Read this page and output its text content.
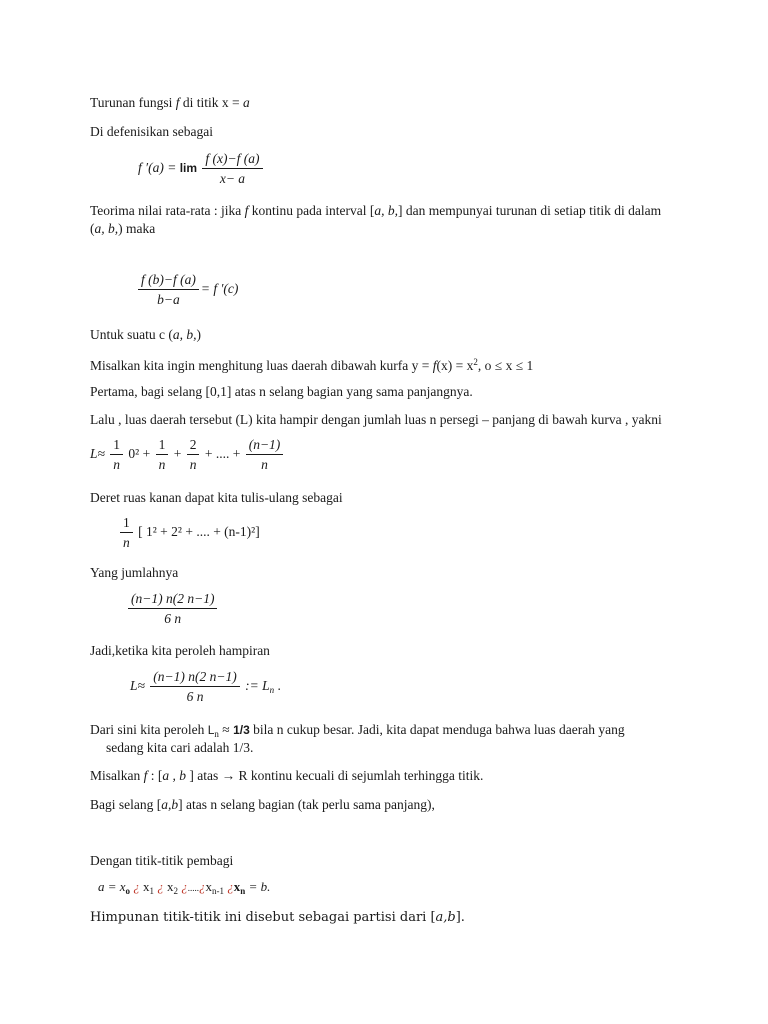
Turunan fungsi f di titik x = a
Di defenisikan sebagai
f $'(a) = \lim \frac{f (x)-f (a)}{x- a}$
Teorima nilai rata-rata : jika f kontinu pada interval [a, b,] dan mempunyai turunan di setiap titik di dalam
(a, b,) maka
$\frac{f (b)-f (a)}{b-a} = f$ ′(c)
Untuk suatu c (a, b,)
Misalkan kita ingin menghitung luas daerah dibawah kurfa $y = f(x) = x^2$, o ≤ x ≤ 1
Pertama, bagi selang [0,1] atas n selang bagian yang sama panjangnya.
Lalu , luas daerah tersebut (L) kita hampir dengan jumlah luas n persegi – panjang di bawah kurva , yakni
$L\approx \frac{1}{n} 0^2 + \frac{1}{n} + \frac{2}{n}$ + .... + $\frac{(n-1)}{n}$
Deret ruas kanan dapat kita tulis-ulang sebagai
$\frac{1}{n}$ [ 1² + 2² + .... + (n-1)²]
Yang jumlahnya
$\frac{(n-1) n(2 n-1)}{6 n}$
Jadi,ketika kita peroleh hampiran
$L\approx \frac{(n-1) n(2 n-1)}{6 n}$ := $L_n$ .
Dari sini kita peroleh $L_n \approx 1/3$ bila n cukup besar. Jadi, kita dapat menduga bahwa luas daerah yang
sedang kita cari adalah 1/3.
Misalkan f : [a , b ] atas → R kontinu kecuali di sejumlah terhingga titik.
Bagi selang [a,b] atas n selang bagian (tak perlu sama panjang),
Dengan titik-titik pembagi
$a = x_o$ ¿ $x_1$ ¿ $x_2$ ¿$.....¿x_{n-1}$ ¿$x_n = b$.
Himpunan titik-titik ini disebut sebagai partisi dari [a,b].
